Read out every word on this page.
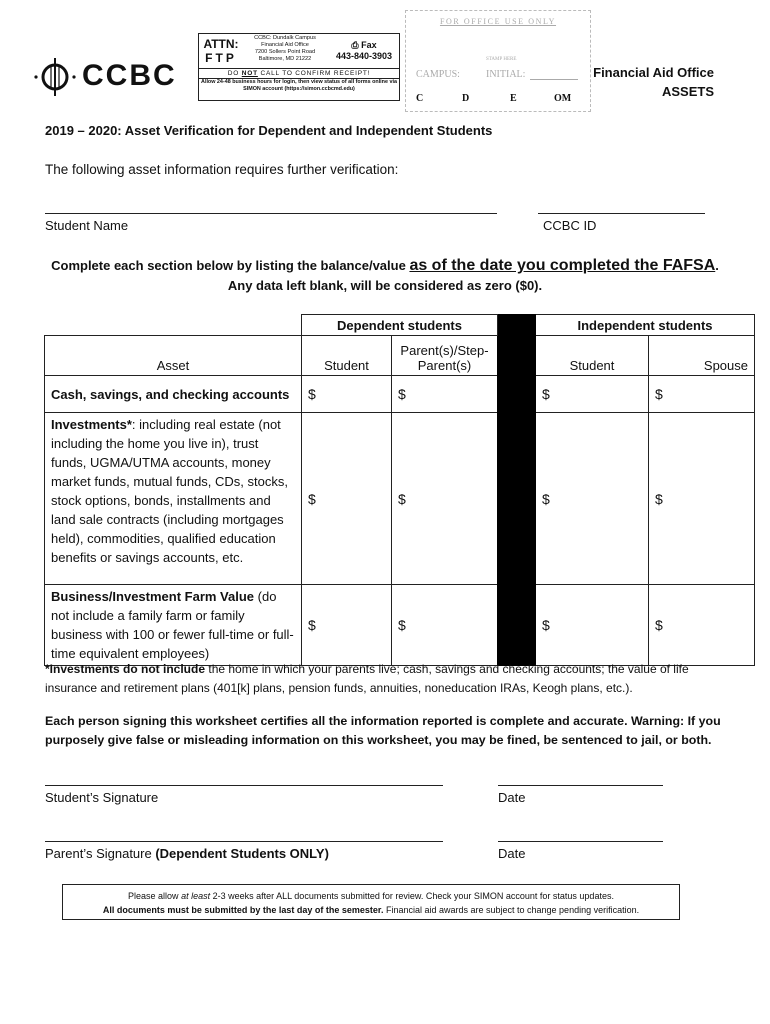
CCBC
ATTN:
FTP
CCBC: Dundalk Campus
Financial Aid Office
7200 Sollers Point Road
Baltimore, MD 21222
⎙ Fax
443-840-3903
DO NOT CALL TO CONFIRM RECEIPT!
Allow 24-48 business hours for login, then view status of all forms online via SIMON account (https://simon.ccbcmd.edu)
FOR OFFICE USE ONLY
STAMP HERE
CAMPUS:	INITIAL:
C	D	E	OM
Financial Aid Office
ASSETS
2019 – 2020: Asset Verification for Dependent and Independent Students
The following asset information requires further verification:
Student Name	CCBC ID
Complete each section below by listing the balance/value as of the date you completed the FAFSA.
Any data left blank, will be considered as zero ($0).
	Dependent students			Independent students	
Asset	Student	Parent(s)/Step-Parent(s)		Student	Spouse
Cash, savings, and checking accounts	$	$		$	$
Investments*: including real estate (not including the home you live in), trust funds, UGMA/UTMA accounts, money market funds, mutual funds, CDs, stocks, stock options, bonds, installments and land sale contracts (including mortgages held), commodities, qualified education benefits or savings accounts, etc.	$	$		$	$
Business/Investment Farm Value (do not include a family farm or family business with 100 or fewer full-time or full-time equivalent employees)	$	$		$	$
*Investments do not include the home in which your parents live; cash, savings and checking accounts; the value of life insurance and retirement plans (401[k] plans, pension funds, annuities, noneducation IRAs, Keogh plans, etc.).
Each person signing this worksheet certifies all the information reported is complete and accurate. Warning: If you purposely give false or misleading information on this worksheet, you may be fined, be sentenced to jail, or both.
Student’s Signature	Date
Parent’s Signature (Dependent Students ONLY)	Date
Please allow at least 2-3 weeks after ALL documents submitted for review. Check your SIMON account for status updates.
All documents must be submitted by the last day of the semester. Financial aid awards are subject to change pending verification.
